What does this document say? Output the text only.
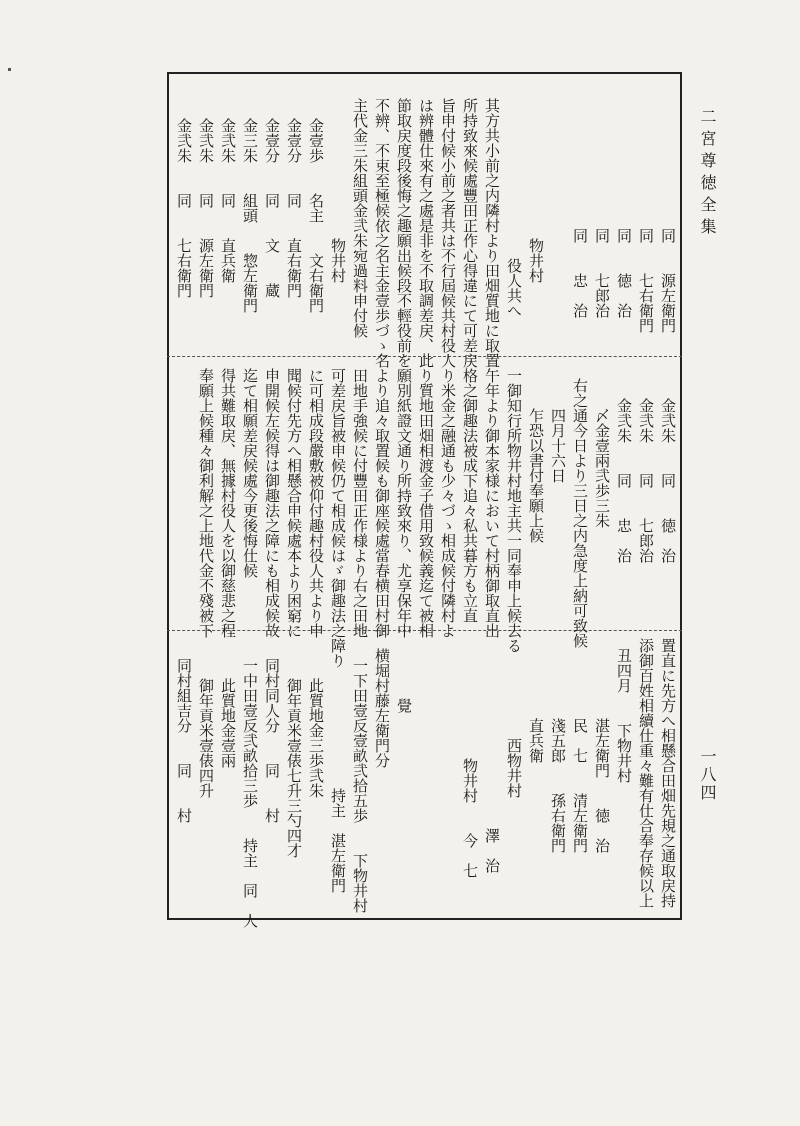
二宮尊徳全集
一八四
同　　源左衛門
同　　七右衛門
同　　徳　治
同　　七郎治
同　　忠　治
物井村
役人共へ
其方共小前之内隣村より田畑質地に取置
所持致來候處豐田正作心得違にて可差戻
旨申付候小前之者共は不行屆候共村役人
は辨體仕來有之處是非を不取調差戻、此
節取戻度段後悔之趣願出候段不輕役前を
不辨、不束至極候依之名主金壹歩づゝ名
主代金三朱組頭金弐朱宛過料申付候
物井村
金壹歩　　名主　　文右衛門
金壹分　　同　　直右衛門
金壹分　　同　　文　　蔵
金三朱　　組頭　　惣左衛門
金弐朱　　同　　直兵衛
金弐朱　　同　　源左衛門
金弐朱　　同　　七右衛門
金弐朱　　同　　徳　治
金弐朱　　同　　七郎治
金弐朱　　同　　忠　治
〆金壹兩弐歩三朱
右之通今日より三日之内急度上納可致候
四月十六日
乍恐以書付奉願上候
一御知行所物井村地主共一同奉申上候去る
午年より御本家様において村柄御取直出
格之御趣法被成下追々私共暮方も立直
り米金之融通も少々づゝ相成候付隣村よ
り質地田畑相渡金子借用致候義迄て被相
願別紙證文通り所持致來り、尤享保年中
より追々取置候も御座候處當春横田村御
田地手強候に付豐田正作様より右之田地
可差戻旨被申候仍て相成候はゞ御趣法之障り
に可相成段嚴敷被仰付趣村役人共より申
聞候付先方へ相懸合申候處本より困窮に
申開候左候得は御趣法之障にも相成候故
迄て相願差戻候處今更後悔仕候
得共難取戻、無據村役人を以御慈悲之程
奉願上候種々御利解之上地代金不殘被下
置直に先方へ相懸合田畑先規之通取戻持
添御百姓相續仕重々難有仕合奉存候以上
丑四月　　下物井村
湛左衛門　　徳　治
民　七　　清左衛門
淺五郎　　孫右衛門
直兵衛
西物井村
澤　治
物井村　　今　七
覺
横堀村藤左衛門分
一下田壹反壹畝弐拾五歩　　下物井村
持主　湛左衛門
此質地金三歩弐朱
御年貢米壹俵七升三勺四才
同村同人分　　同　　村
一中田壹反弐畝拾三歩　　持主　同　人
此質地金壹兩
御年貢米壹俵四升
同村組吉分　　同　　村
